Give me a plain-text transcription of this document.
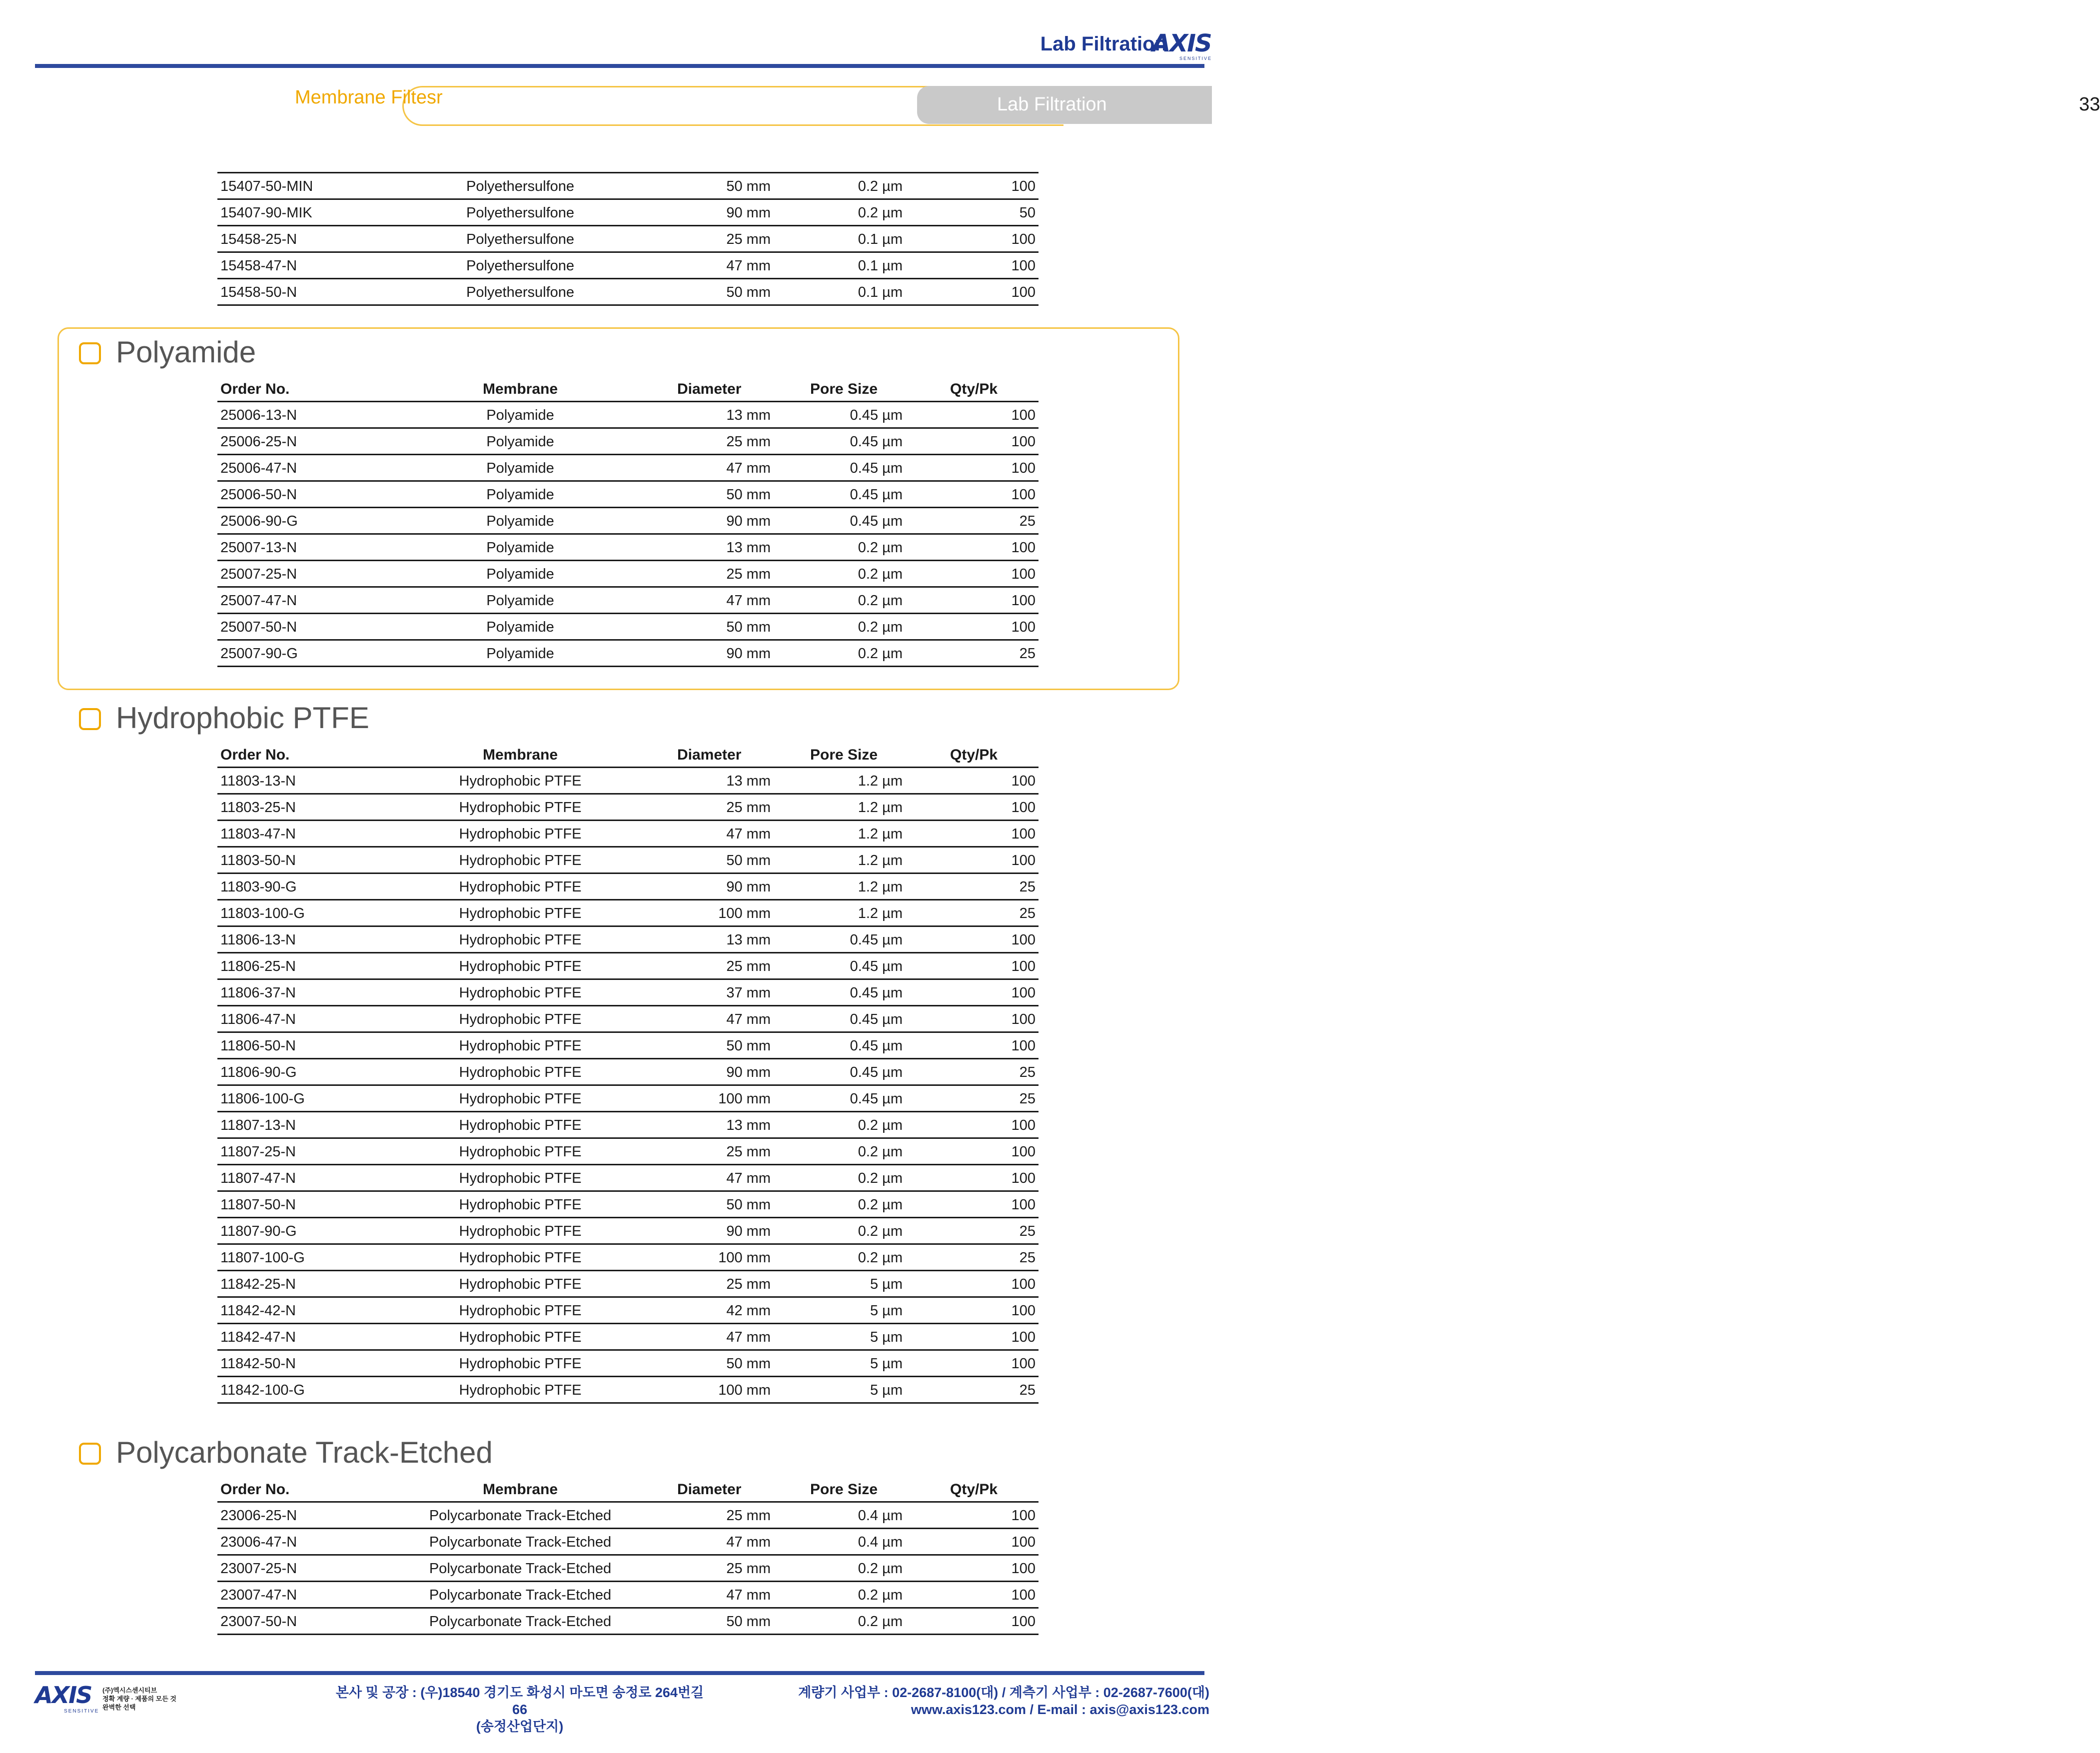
Lab Filtration
AXIS
SENSITIVE
Membrane Filtesr	Lab Filtration	33
15407-50-MIN	Polyethersulfone	50 mm	0.2 µm	100
15407-90-MIK	Polyethersulfone	90 mm	0.2 µm	50
15458-25-N	Polyethersulfone	25 mm	0.1 µm	100
15458-47-N	Polyethersulfone	47 mm	0.1 µm	100
15458-50-N	Polyethersulfone	50 mm	0.1 µm	100
Polyamide
Order No.	Membrane	Diameter	Pore Size	Qty/Pk
25006-13-N	Polyamide	13 mm	0.45 µm	100
25006-25-N	Polyamide	25 mm	0.45 µm	100
25006-47-N	Polyamide	47 mm	0.45 µm	100
25006-50-N	Polyamide	50 mm	0.45 µm	100
25006-90-G	Polyamide	90 mm	0.45 µm	25
25007-13-N	Polyamide	13 mm	0.2 µm	100
25007-25-N	Polyamide	25 mm	0.2 µm	100
25007-47-N	Polyamide	47 mm	0.2 µm	100
25007-50-N	Polyamide	50 mm	0.2 µm	100
25007-90-G	Polyamide	90 mm	0.2 µm	25
Hydrophobic PTFE
Order No.	Membrane	Diameter	Pore Size	Qty/Pk
11803-13-N	Hydrophobic PTFE	13 mm	1.2 µm	100
11803-25-N	Hydrophobic PTFE	25 mm	1.2 µm	100
11803-47-N	Hydrophobic PTFE	47 mm	1.2 µm	100
11803-50-N	Hydrophobic PTFE	50 mm	1.2 µm	100
11803-90-G	Hydrophobic PTFE	90 mm	1.2 µm	25
11803-100-G	Hydrophobic PTFE	100 mm	1.2 µm	25
11806-13-N	Hydrophobic PTFE	13 mm	0.45 µm	100
11806-25-N	Hydrophobic PTFE	25 mm	0.45 µm	100
11806-37-N	Hydrophobic PTFE	37 mm	0.45 µm	100
11806-47-N	Hydrophobic PTFE	47 mm	0.45 µm	100
11806-50-N	Hydrophobic PTFE	50 mm	0.45 µm	100
11806-90-G	Hydrophobic PTFE	90 mm	0.45 µm	25
11806-100-G	Hydrophobic PTFE	100 mm	0.45 µm	25
11807-13-N	Hydrophobic PTFE	13 mm	0.2 µm	100
11807-25-N	Hydrophobic PTFE	25 mm	0.2 µm	100
11807-47-N	Hydrophobic PTFE	47 mm	0.2 µm	100
11807-50-N	Hydrophobic PTFE	50 mm	0.2 µm	100
11807-90-G	Hydrophobic PTFE	90 mm	0.2 µm	25
11807-100-G	Hydrophobic PTFE	100 mm	0.2 µm	25
11842-25-N	Hydrophobic PTFE	25 mm	5 µm	100
11842-42-N	Hydrophobic PTFE	42 mm	5 µm	100
11842-47-N	Hydrophobic PTFE	47 mm	5 µm	100
11842-50-N	Hydrophobic PTFE	50 mm	5 µm	100
11842-100-G	Hydrophobic PTFE	100 mm	5 µm	25
Polycarbonate Track-Etched
Order No.	Membrane	Diameter	Pore Size	Qty/Pk
23006-25-N	Polycarbonate Track-Etched	25 mm	0.4 µm	100
23006-47-N	Polycarbonate Track-Etched	47 mm	0.4 µm	100
23007-25-N	Polycarbonate Track-Etched	25 mm	0.2 µm	100
23007-47-N	Polycarbonate Track-Etched	47 mm	0.2 µm	100
23007-50-N	Polycarbonate Track-Etched	50 mm	0.2 µm	100
AXIS
SENSITIVE
(주)엑시스센시티브
정확 계량 · 제품의 모든 것
완벽한 선택
본사 및 공장 : (우)18540 경기도 화성시 마도면 송정로 264번길 66
(송정산업단지)
계량기 사업부 : 02-2687-8100(대) / 계측기 사업부 : 02-2687-7600(대)
www.axis123.com / E-mail : axis@axis123.com
